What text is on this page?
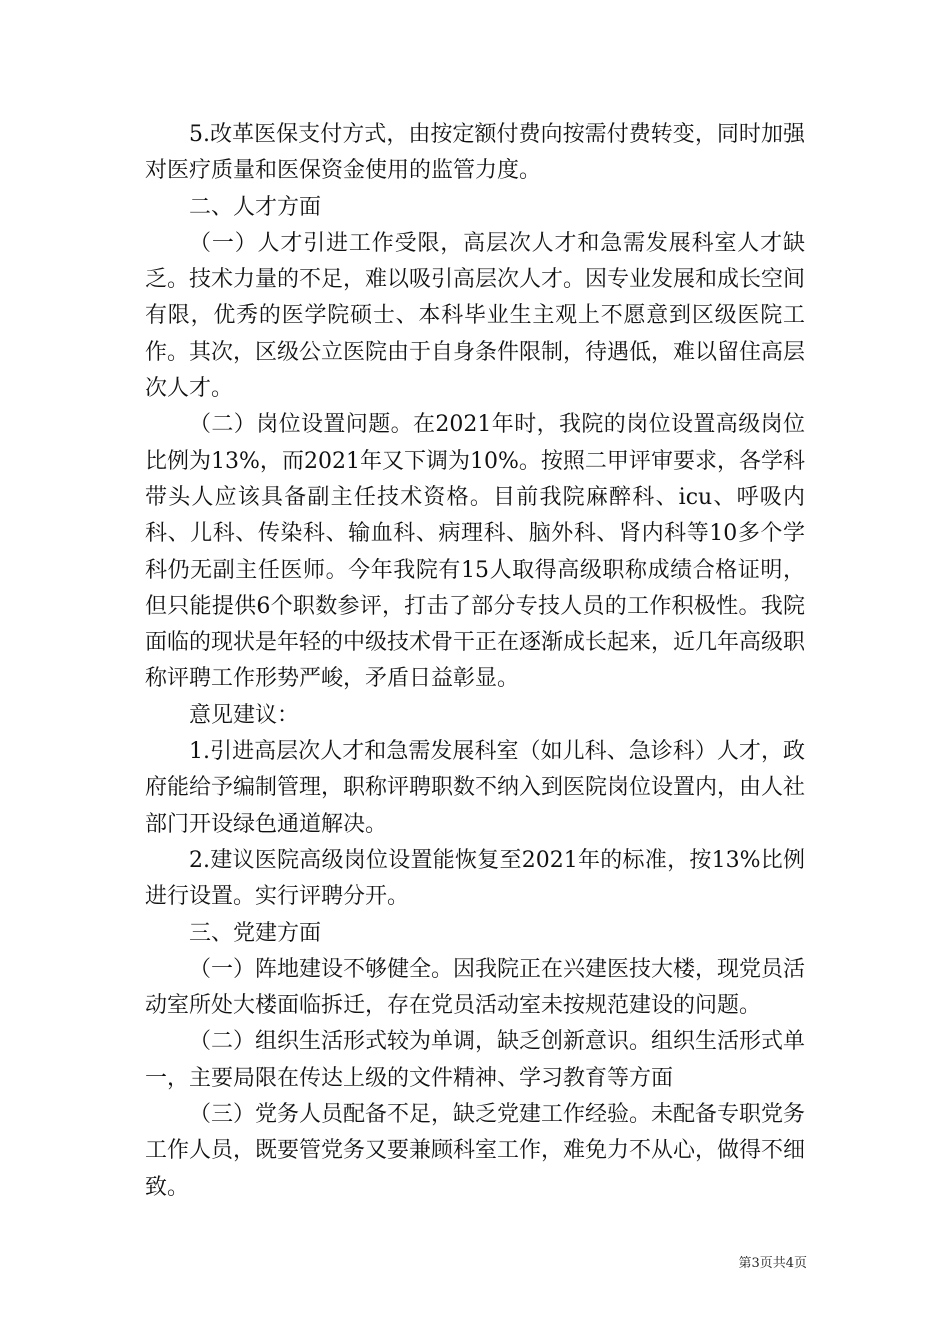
5.改革医保支付方式，由按定额付费向按需付费转变，同时加强对医疗质量和医保资金使用的监管力度。

二、人才方面

（一）人才引进工作受限，高层次人才和急需发展科室人才缺乏。技术力量的不足，难以吸引高层次人才。因专业发展和成长空间有限，优秀的医学院硕士、本科毕业生主观上不愿意到区级医院工作。其次，区级公立医院由于自身条件限制，待遇低，难以留住高层次人才。

（二）岗位设置问题。在2021年时，我院的岗位设置高级岗位比例为13%，而2021年又下调为10%。按照二甲评审要求，各学科带头人应该具备副主任技术资格。目前我院麻醉科、icu、呼吸内科、儿科、传染科、输血科、病理科、脑外科、肾内科等10多个学科仍无副主任医师。今年我院有15人取得高级职称成绩合格证明，但只能提供6个职数参评，打击了部分专技人员的工作积极性。我院面临的现状是年轻的中级技术骨干正在逐渐成长起来，近几年高级职称评聘工作形势严峻，矛盾日益彰显。

意见建议：

1.引进高层次人才和急需发展科室（如儿科、急诊科）人才，政府能给予编制管理，职称评聘职数不纳入到医院岗位设置内，由人社部门开设绿色通道解决。

2.建议医院高级岗位设置能恢复至2021年的标准，按13%比例进行设置。实行评聘分开。

三、党建方面

（一）阵地建设不够健全。因我院正在兴建医技大楼，现党员活动室所处大楼面临拆迁，存在党员活动室未按规范建设的问题。

（二）组织生活形式较为单调，缺乏创新意识。组织生活形式单一，主要局限在传达上级的文件精神、学习教育等方面

（三）党务人员配备不足，缺乏党建工作经验。未配备专职党务工作人员，既要管党务又要兼顾科室工作，难免力不从心，做得不细致。

第3页共4页
